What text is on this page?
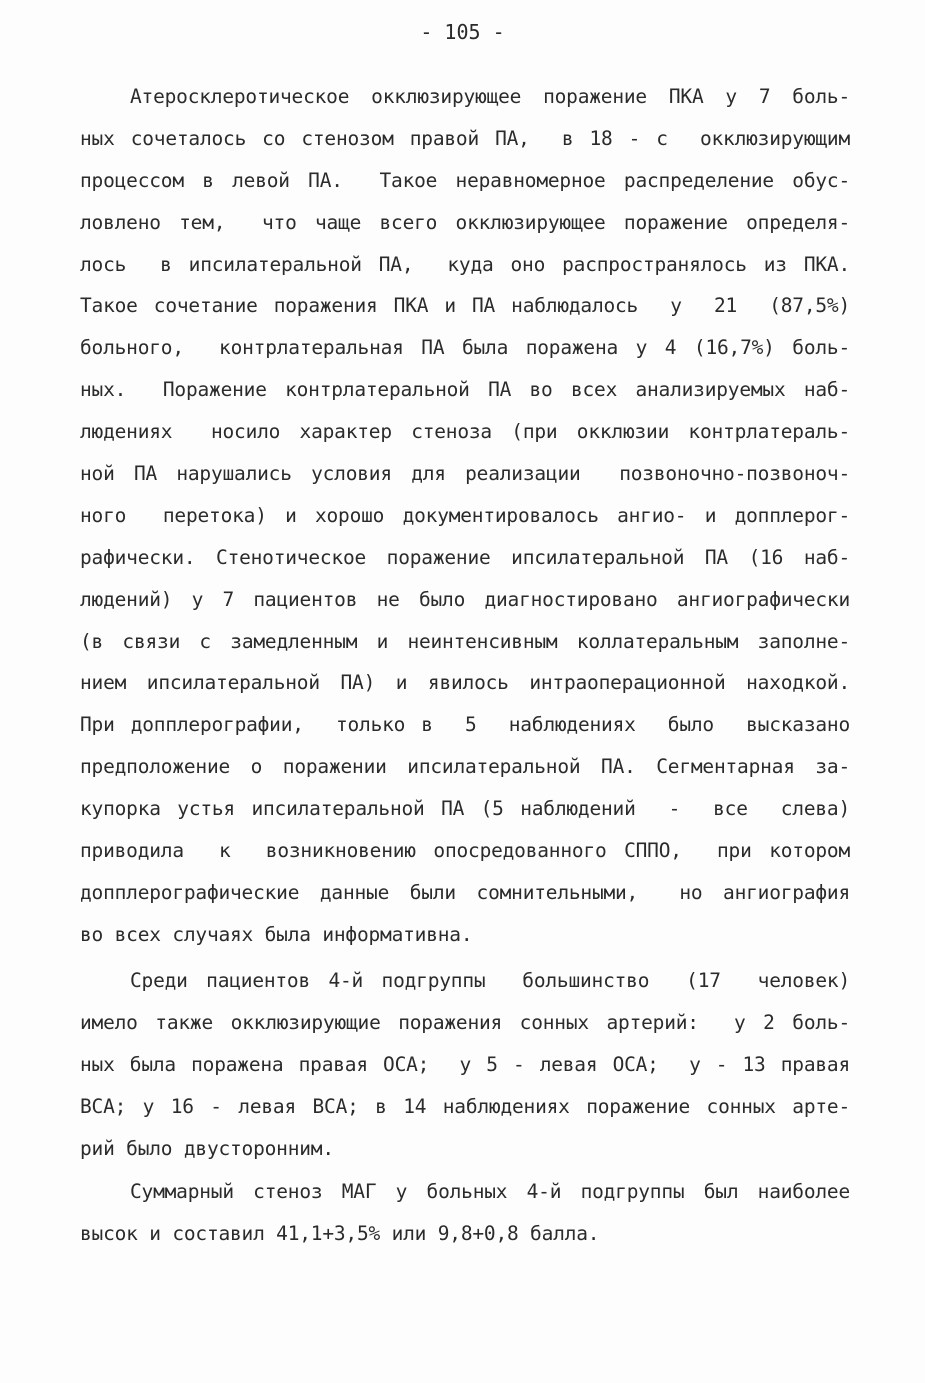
- 105 -
Атеросклеротическое окклюзирующее поражение ПКА у 7 боль-
ных сочеталось со стенозом правой ПА,  в 18 - с  окклюзирующим
процессом в левой ПА.  Такое неравномерное распределение обус-
ловлено тем,  что чаще всего окклюзирующее поражение определя-
лось  в ипсилатеральной ПА,  куда оно распространялось из ПКА.
Такое сочетание поражения ПКА и ПА наблюдалось  у  21  (87,5%)
больного,  контрлатеральная ПА была поражена у 4 (16,7%) боль-
ных.  Поражение контрлатеральной ПА во всех анализируемых наб-
людениях  носило характер стеноза (при окклюзии контрлатераль-
ной ПА нарушались условия для реализации  позвоночно-позвоноч-
ного  перетока) и хорошо документировалось ангио- и допплерог-
рафически. Стенотическое поражение ипсилатеральной ПА (16 наб-
людений) у 7 пациентов не было диагностировано ангиографически
(в связи с замедленным и неинтенсивным коллатеральным заполне-
нием ипсилатеральной ПА) и явилось интраоперационной находкой.
При допплерографии,  только в  5  наблюдениях  было  высказано
предположение о поражении ипсилатеральной ПА. Сегментарная за-
купорка устья ипсилатеральной ПА (5 наблюдений  -  все  слева)
приводила  к  возникновению опосредованного СППО,  при котором
допплерографические данные были сомнительными,  но ангиография
во всех случаях была информативна.
Среди пациентов 4-й подгруппы  большинство  (17  человек)
имело также окклюзирующие поражения сонных артерий:  у 2 боль-
ных была поражена правая ОСА;  у 5 - левая ОСА;  у - 13 правая
ВСА; у 16 - левая ВСА; в 14 наблюдениях поражение сонных арте-
рий было двусторонним.
Суммарный стеноз МАГ у больных 4-й подгруппы был наиболее
высок и составил 41,1+3,5% или 9,8+0,8 балла.
